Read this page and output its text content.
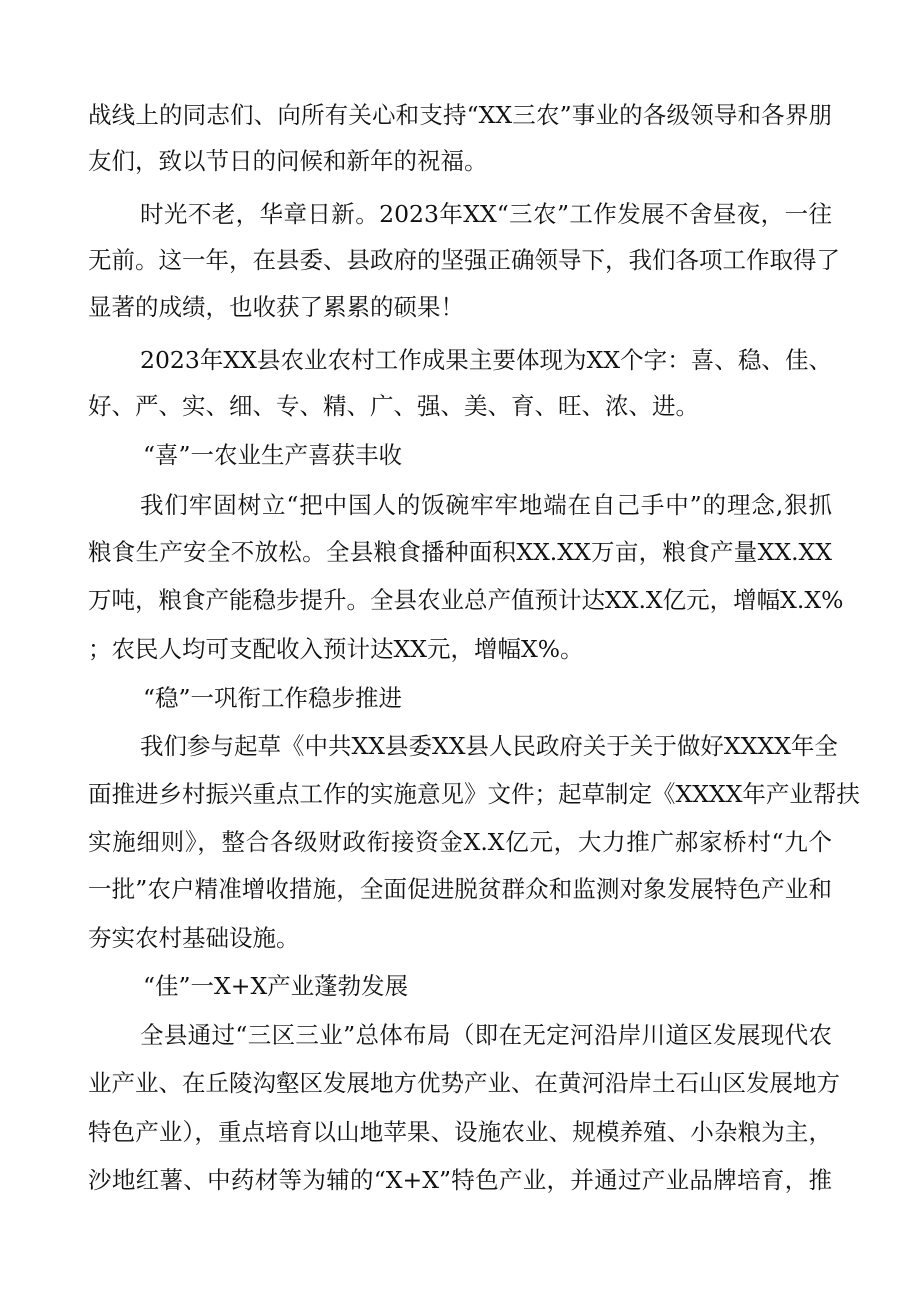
战线上的同志们、向所有关心和支持“XX三农”事业的各级领导和各界朋
友们，致以节日的问候和新年的祝福。
时光不老，华章日新。2023年XX“三农”工作发展不舍昼夜，一往
无前。这一年，在县委、县政府的坚强正确领导下，我们各项工作取得了
显著的成绩，也收获了累累的硕果！
2023年XX县农业农村工作成果主要体现为XX个字：喜、稳、佳、
好、严、实、细、专、精、广、强、美、育、旺、浓、进。
“喜”一农业生产喜获丰收
我们牢固树立“把中国人的饭碗牢牢地端在自己手中”的理念,狠抓
粮食生产安全不放松。全县粮食播种面积XX.XX万亩，粮食产量XX.XX
万吨，粮食产能稳步提升。全县农业总产值预计达XX.X亿元，增幅X.X%
；农民人均可支配收入预计达XX元，增幅X%。
“稳”一巩衔工作稳步推进
我们参与起草《中共XX县委XX县人民政府关于关于做好XXXX年全
面推进乡村振兴重点工作的实施意见》文件；起草制定《XXXX年产业帮扶
实施细则》，整合各级财政衔接资金X.X亿元，大力推广郝家桥村“九个
一批”农户精准增收措施，全面促进脱贫群众和监测对象发展特色产业和
夯实农村基础设施。
“佳”一X+X产业蓬勃发展
全县通过“三区三业”总体布局（即在无定河沿岸川道区发展现代农
业产业、在丘陵沟壑区发展地方优势产业、在黄河沿岸土石山区发展地方
特色产业），重点培育以山地苹果、设施农业、规模养殖、小杂粮为主，
沙地红薯、中药材等为辅的“X+X”特色产业，并通过产业品牌培育，推
